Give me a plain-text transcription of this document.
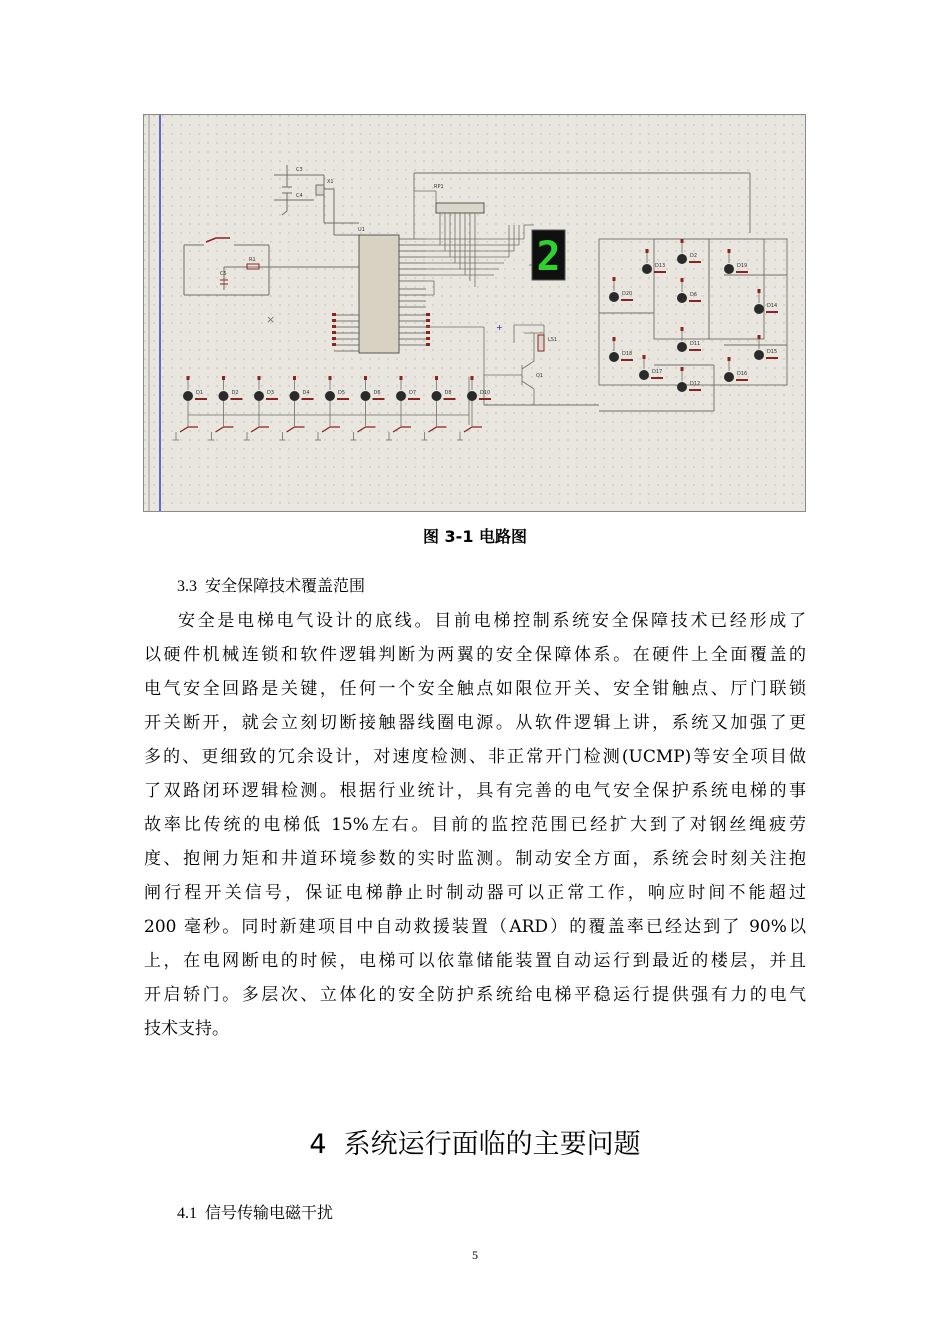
C3
C4
X1
C5
R1
×
U1
RP1
2
LS1
Q1
+
D2
D13	D19
D14
D20	D6
D11
D15
D18
D17
D12
D16
D1	D2	D3	D4	D5	D6	D7	D8	D10
图 3-1 电路图
3.3 安全保障技术覆盖范围
安全是电梯电气设计的底线。目前电梯控制系统安全保障技术已经形成了
以硬件机械连锁和软件逻辑判断为两翼的安全保障体系。在硬件上全面覆盖的
电气安全回路是关键，任何一个安全触点如限位开关、安全钳触点、厅门联锁
开关断开，就会立刻切断接触器线圈电源。从软件逻辑上讲，系统又加强了更
多的、更细致的冗余设计，对速度检测、非正常开门检测(UCMP)等安全项目做
了双路闭环逻辑检测。根据行业统计，具有完善的电气安全保护系统电梯的事
故率比传统的电梯低 15%左右。目前的监控范围已经扩大到了对钢丝绳疲劳
度、抱闸力矩和井道环境参数的实时监测。制动安全方面，系统会时刻关注抱
闸行程开关信号，保证电梯静止时制动器可以正常工作，响应时间不能超过
200 毫秒。同时新建项目中自动救援装置（ARD）的覆盖率已经达到了 90%以
上，在电网断电的时候，电梯可以依靠储能装置自动运行到最近的楼层，并且
开启轿门。多层次、立体化的安全防护系统给电梯平稳运行提供强有力的电气
技术支持。
4 系统运行面临的主要问题
4.1 信号传输电磁干扰
5
